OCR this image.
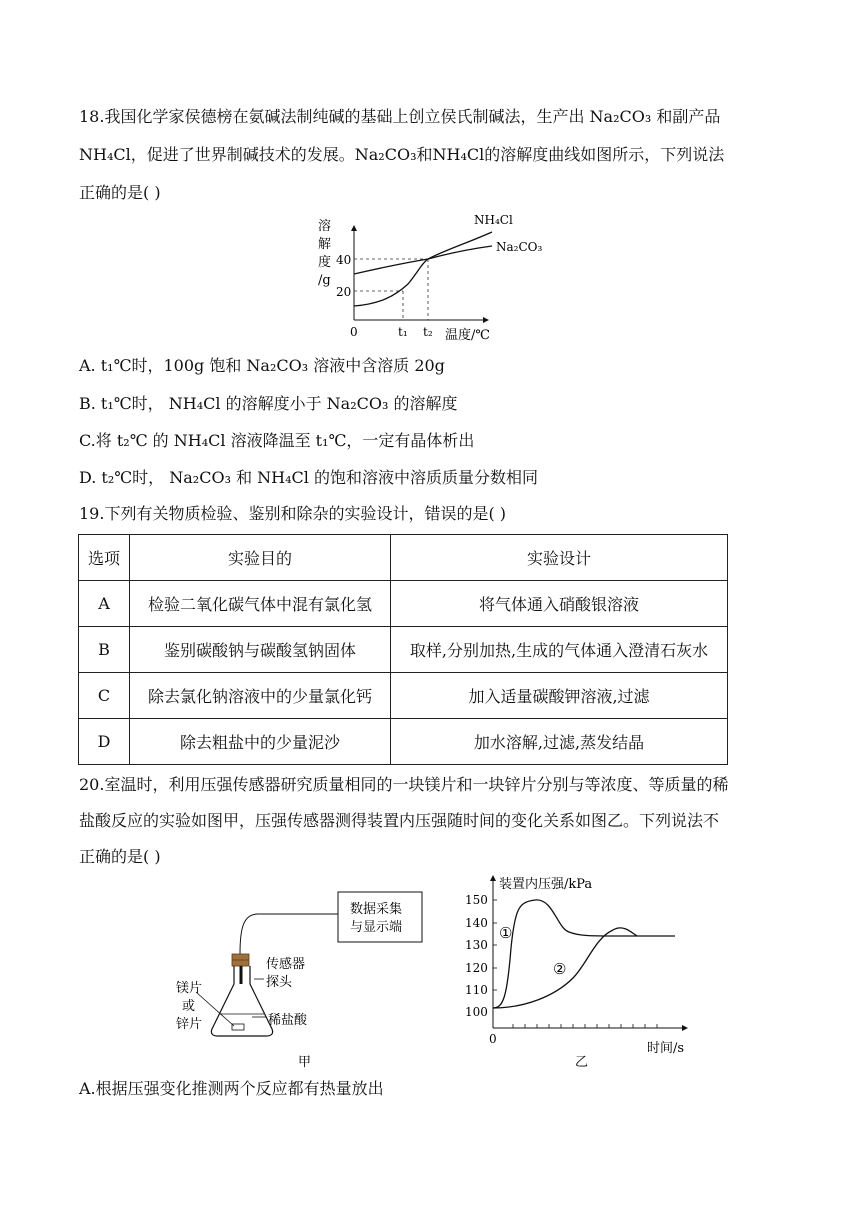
18.我国化学家侯德榜在氨碱法制纯碱的基础上创立侯氏制碱法，生产出 Na₂CO₃ 和副产品
NH₄Cl，促进了世界制碱技术的发展。Na₂CO₃和NH₄Cl的溶解度曲线如图所示，下列说法
正确的是( )
溶
解
度
/g
40
20
0	t₁ t₂ 温度/℃
NH₄Cl
Na₂CO₃
A. t₁℃时，100g 饱和 Na₂CO₃ 溶液中含溶质 20g
B. t₁℃时， NH₄Cl 的溶解度小于 Na₂CO₃ 的溶解度
C.将 t₂℃ 的 NH₄Cl 溶液降温至 t₁℃，一定有晶体析出
D. t₂℃时， Na₂CO₃ 和 NH₄Cl 的饱和溶液中溶质质量分数相同
19.下列有关物质检验、鉴别和除杂的实验设计，错误的是( )
选项	实验目的	实验设计
A	检验二氧化碳气体中混有氯化氢	将气体通入硝酸银溶液
B	鉴别碳酸钠与碳酸氢钠固体	取样,分别加热,生成的气体通入澄清石灰水
C	除去氯化钠溶液中的少量氯化钙	加入适量碳酸钾溶液,过滤
D	除去粗盐中的少量泥沙	加水溶解,过滤,蒸发结晶
20.室温时，利用压强传感器研究质量相同的一块镁片和一块锌片分别与等浓度、等质量的稀
盐酸反应的实验如图甲，压强传感器测得装置内压强随时间的变化关系如图乙。下列说法不
正确的是( )
数据采集
与显示端
传感器
探头
镁片
或
锌片	稀盐酸
甲
装置内压强/kPa
150
140
130
120
110
100
0
时间/s
①
②
乙
A.根据压强变化推测两个反应都有热量放出
